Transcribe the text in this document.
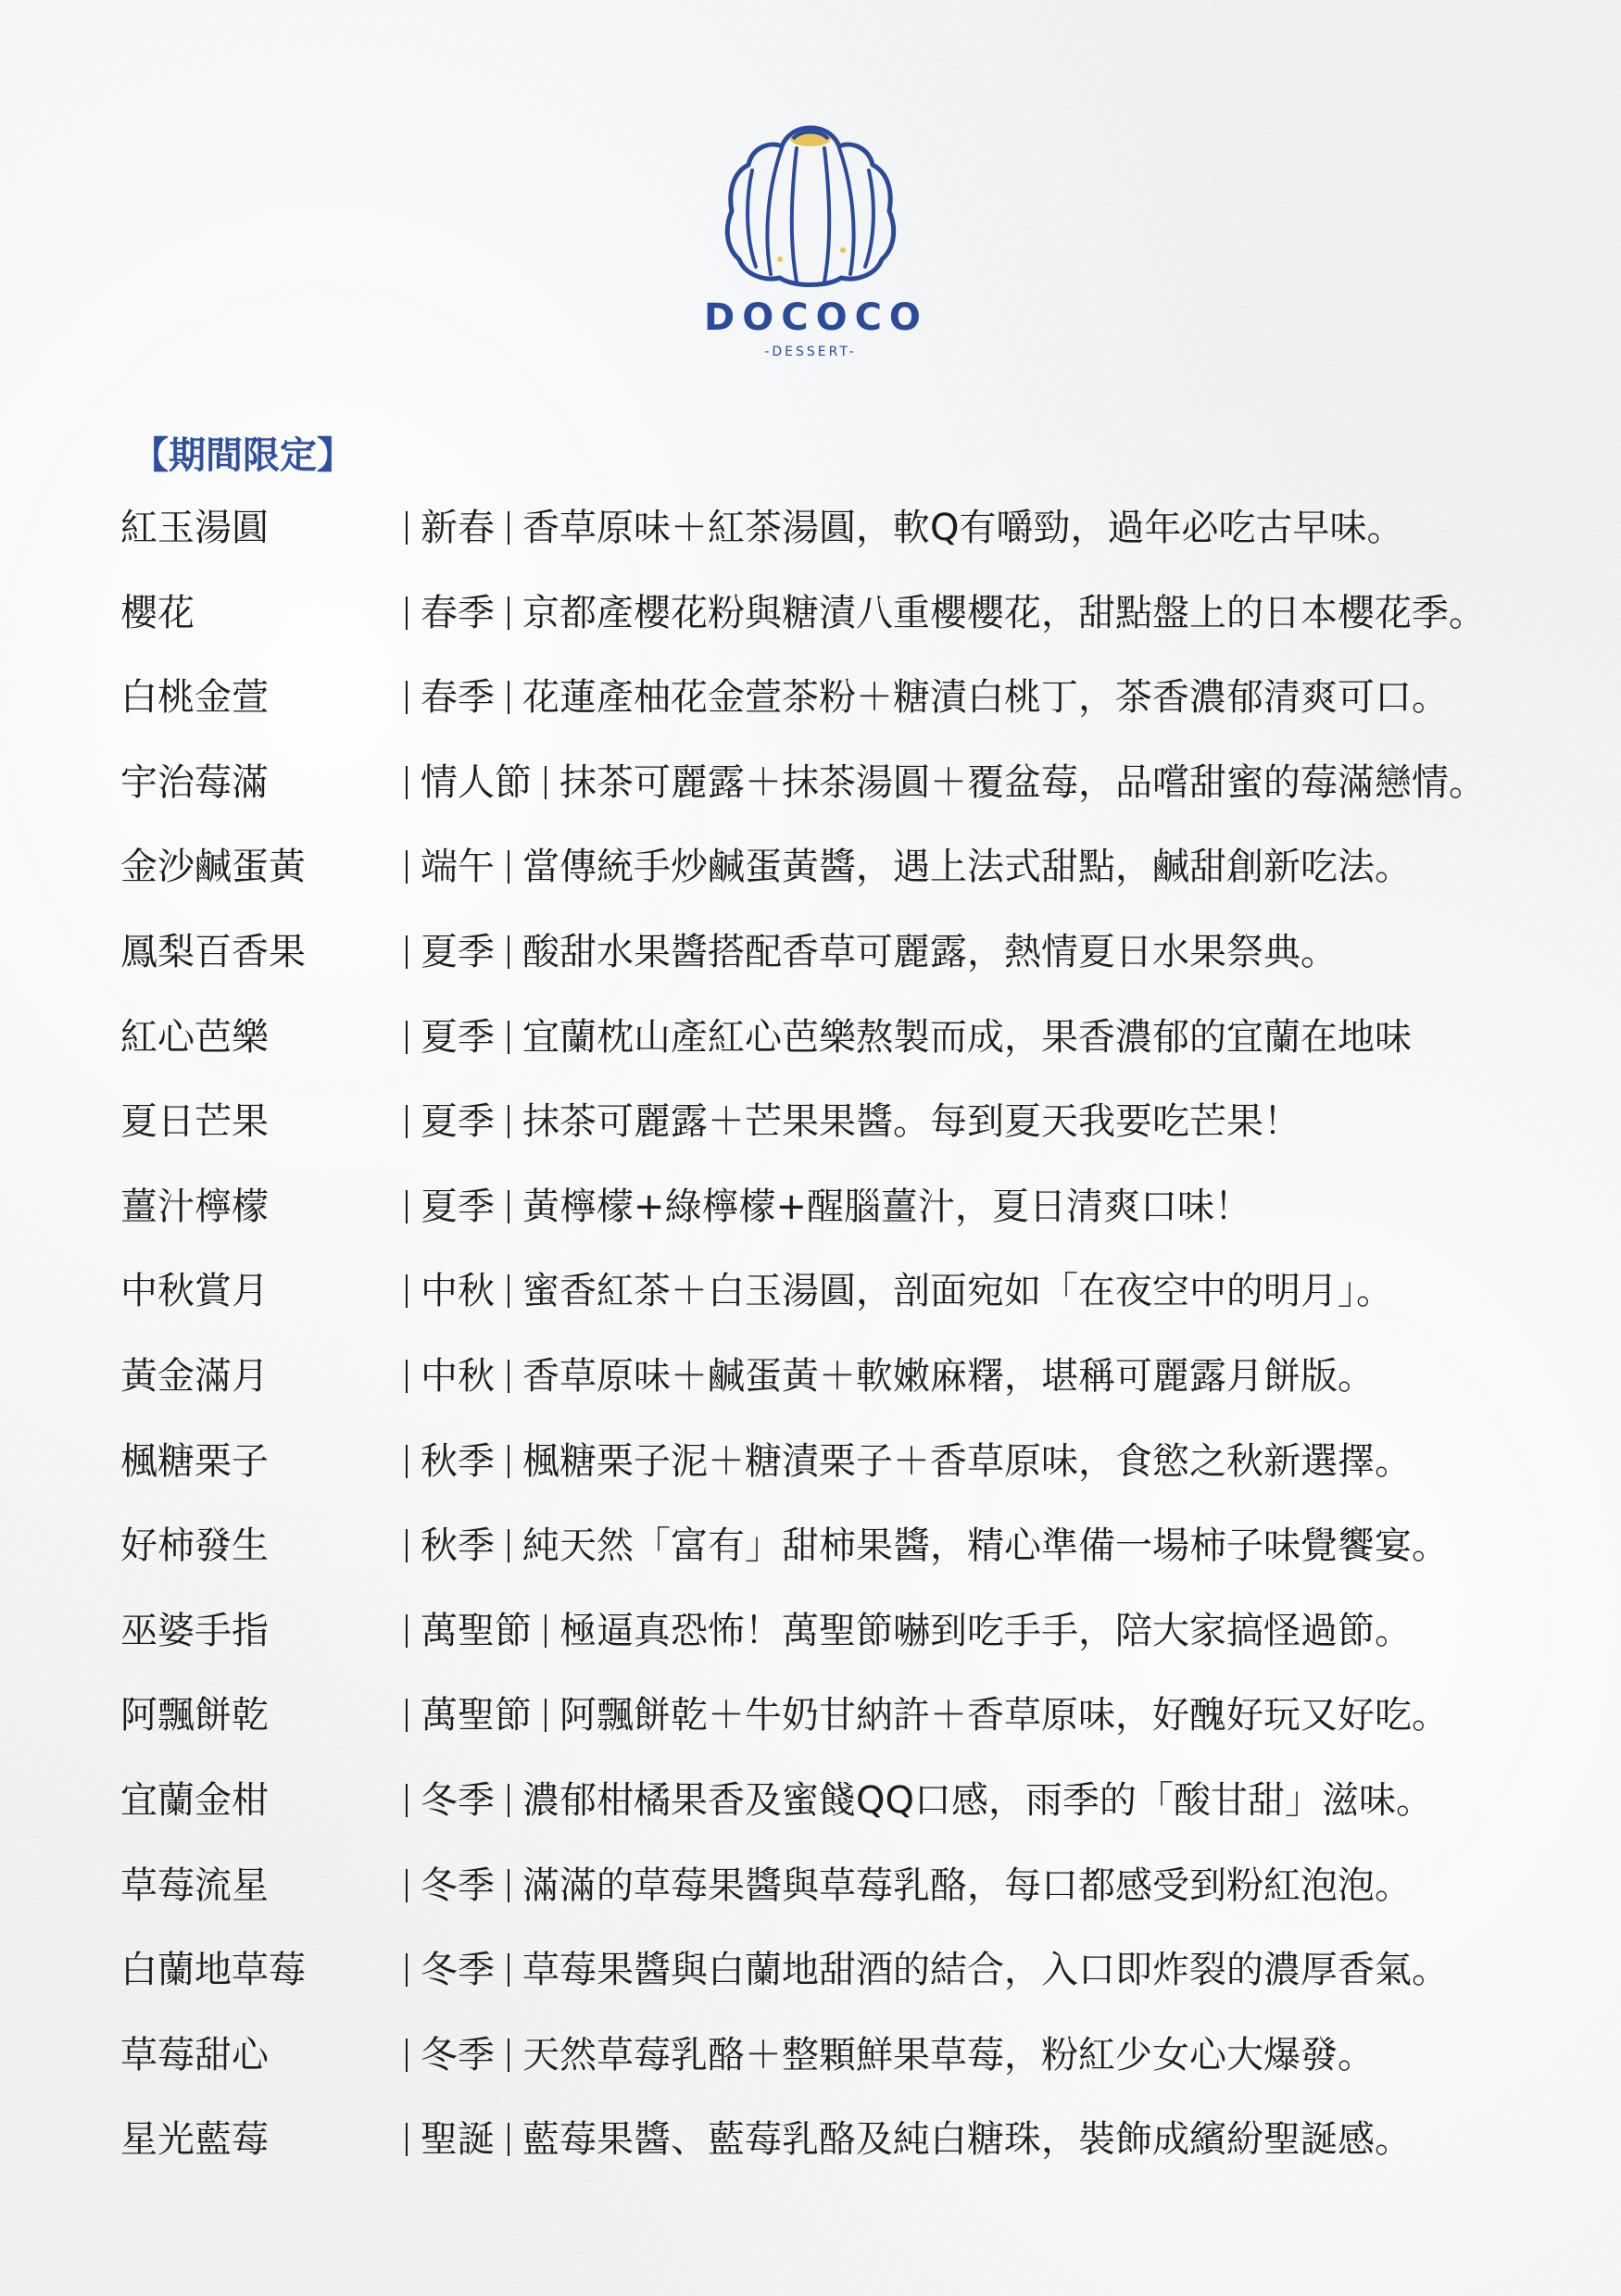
DOCOCO
-DESSERT-
【期間限定】
紅玉湯圓	新春 香草原味＋紅茶湯圓，軟Q有嚼勁，過年必吃古早味。
櫻花	春季 京都產櫻花粉與糖漬八重櫻櫻花，甜點盤上的日本櫻花季。
白桃金萱	春季 花蓮產柚花金萱茶粉＋糖漬白桃丁，茶香濃郁清爽可口。
宇治莓滿	情人節 抹茶可麗露＋抹茶湯圓＋覆盆莓，品嚐甜蜜的莓滿戀情。
金沙鹹蛋黃	端午 當傳統手炒鹹蛋黃醬，遇上法式甜點，鹹甜創新吃法。
鳳梨百香果	夏季 酸甜水果醬搭配香草可麗露，熱情夏日水果祭典。
紅心芭樂	夏季 宜蘭枕山產紅心芭樂熬製而成，果香濃郁的宜蘭在地味
夏日芒果	夏季 抹茶可麗露＋芒果果醬。每到夏天我要吃芒果！
薑汁檸檬	夏季 黃檸檬+綠檸檬+醒腦薑汁，夏日清爽口味！
中秋賞月	中秋 蜜香紅茶＋白玉湯圓，剖面宛如「在夜空中的明月」。
黃金滿月	中秋 香草原味＋鹹蛋黃＋軟嫩麻糬，堪稱可麗露月餅版。
楓糖栗子	秋季 楓糖栗子泥＋糖漬栗子＋香草原味，食慾之秋新選擇。
好柿發生	秋季 純天然「富有」甜柿果醬，精心準備一場柿子味覺饗宴。
巫婆手指	萬聖節 極逼真恐怖！萬聖節嚇到吃手手，陪大家搞怪過節。
阿飄餅乾	萬聖節 阿飄餅乾＋牛奶甘納許＋香草原味，好醜好玩又好吃。
宜蘭金柑	冬季 濃郁柑橘果香及蜜餞QQ口感，雨季的「酸甘甜」滋味。
草莓流星	冬季 滿滿的草莓果醬與草莓乳酪，每口都感受到粉紅泡泡。
白蘭地草莓	冬季 草莓果醬與白蘭地甜酒的結合，入口即炸裂的濃厚香氣。
草莓甜心	冬季 天然草莓乳酪＋整顆鮮果草莓，粉紅少女心大爆發。
星光藍莓	聖誕 藍莓果醬、藍莓乳酪及純白糖珠，裝飾成繽紛聖誕感。
